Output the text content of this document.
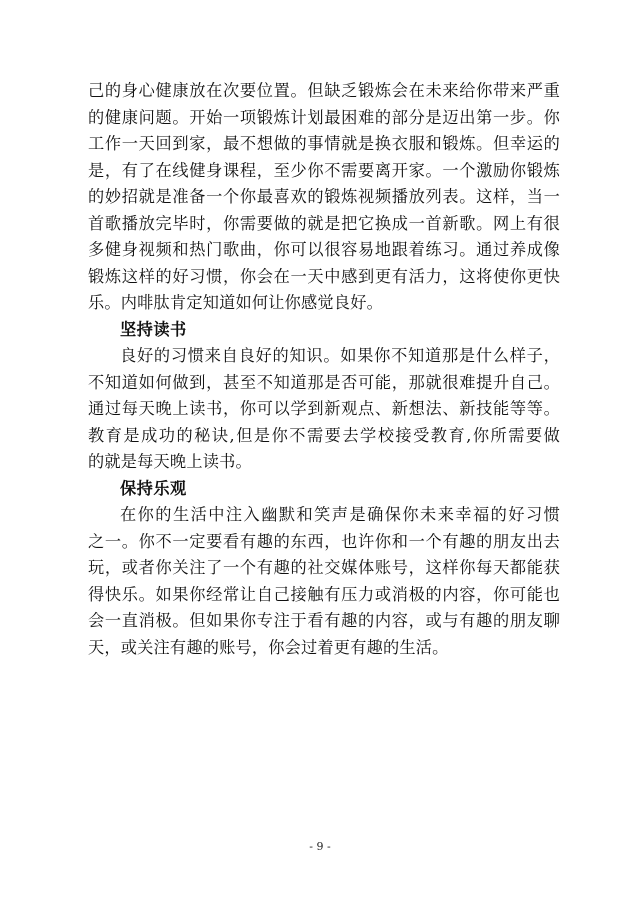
己的身心健康放在次要位置。但缺乏锻炼会在未来给你带来严重
的健康问题。开始一项锻炼计划最困难的部分是迈出第一步。你
工作一天回到家，最不想做的事情就是换衣服和锻炼。但幸运的
是，有了在线健身课程，至少你不需要离开家。一个激励你锻炼
的妙招就是准备一个你最喜欢的锻炼视频播放列表。这样，当一
首歌播放完毕时，你需要做的就是把它换成一首新歌。网上有很
多健身视频和热门歌曲，你可以很容易地跟着练习。通过养成像
锻炼这样的好习惯，你会在一天中感到更有活力，这将使你更快
乐。内啡肽肯定知道如何让你感觉良好。
坚持读书
良好的习惯来自良好的知识。如果你不知道那是什么样子，
不知道如何做到，甚至不知道那是否可能，那就很难提升自己。
通过每天晚上读书，你可以学到新观点、新想法、新技能等等。
教育是成功的秘诀,但是你不需要去学校接受教育,你所需要做
的就是每天晚上读书。
保持乐观
在你的生活中注入幽默和笑声是确保你未来幸福的好习惯
之一。你不一定要看有趣的东西，也许你和一个有趣的朋友出去
玩，或者你关注了一个有趣的社交媒体账号，这样你每天都能获
得快乐。如果你经常让自己接触有压力或消极的内容，你可能也
会一直消极。但如果你专注于看有趣的内容，或与有趣的朋友聊
天，或关注有趣的账号，你会过着更有趣的生活。
- 9 -
